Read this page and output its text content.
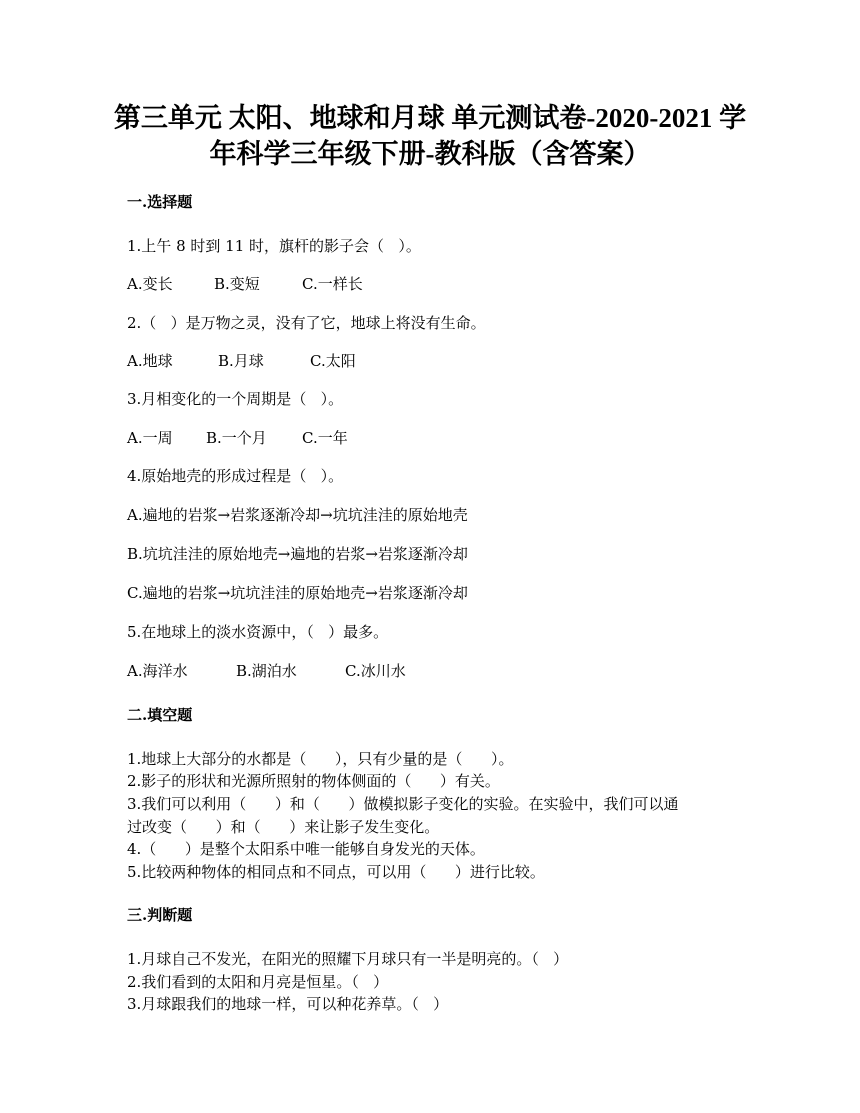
第三单元 太阳、地球和月球 单元测试卷-2020-2021 学
年科学三年级下册-教科版（含答案）
一.选择题
1.上午 8 时到 11 时，旗杆的影子会（   ）。
A.变长	B.变短	C.一样长
2.（   ）是万物之灵，没有了它，地球上将没有生命。
A.地球	B.月球	C.太阳
3.月相变化的一个周期是（   ）。
A.一周 B.一个月 C.一年
4.原始地壳的形成过程是（   ）。
A.遍地的岩浆→岩浆逐渐冷却→坑坑洼洼的原始地壳
B.坑坑洼洼的原始地壳→遍地的岩浆→岩浆逐渐冷却
C.遍地的岩浆→坑坑洼洼的原始地壳→岩浆逐渐冷却
5.在地球上的淡水资源中，（   ）最多。
A.海洋水	B.湖泊水	C.冰川水
二.填空题
1.地球上大部分的水都是（      ），只有少量的是（      ）。
2.影子的形状和光源所照射的物体侧面的（      ）有关。
3.我们可以利用（      ）和（      ）做模拟影子变化的实验。在实验中，我们可以通
过改变（      ）和（      ）来让影子发生变化。
4.（      ）是整个太阳系中唯一能够自身发光的天体。
5.比较两种物体的相同点和不同点，可以用（      ）进行比较。
三.判断题
1.月球自己不发光，在阳光的照耀下月球只有一半是明亮的。（   ）
2.我们看到的太阳和月亮是恒星。（   ）
3.月球跟我们的地球一样，可以种花养草。（   ）
